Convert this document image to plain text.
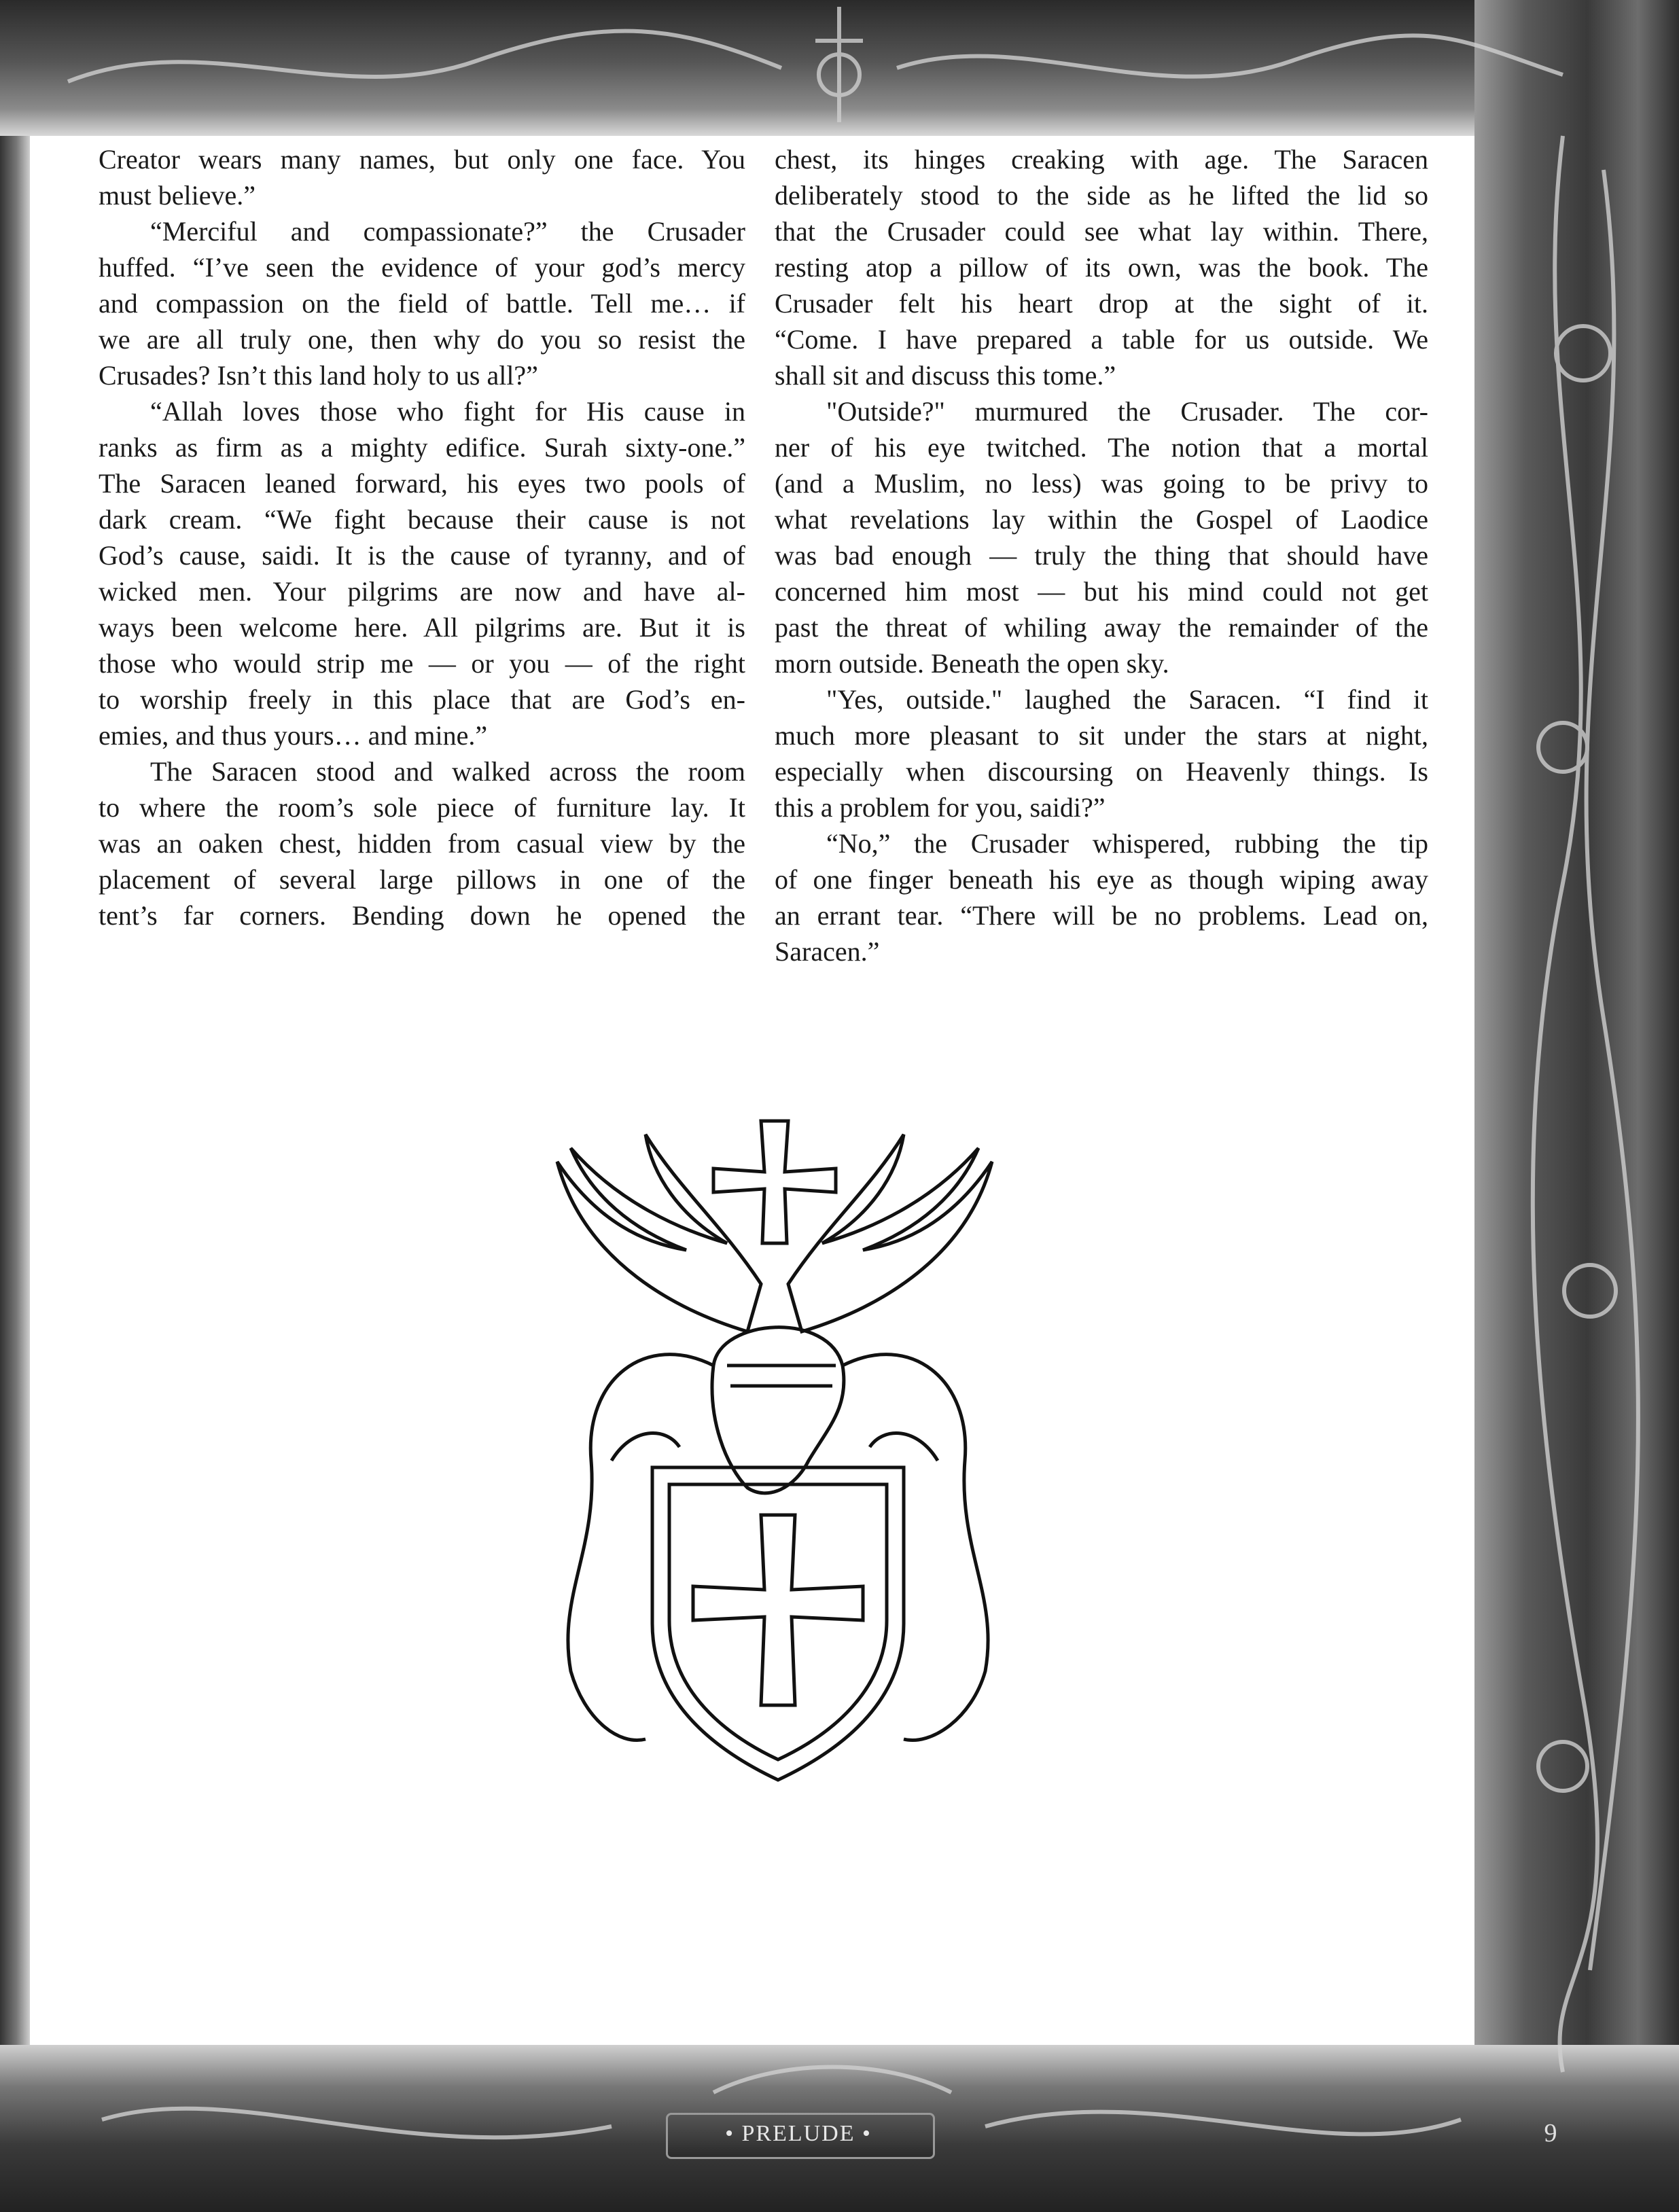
Creator wears many names, but only one face. You
must believe.”
“Merciful and compassionate?” the Crusader
huffed. “I’ve seen the evidence of your god’s mercy
and compassion on the field of battle. Tell me… if
we are all truly one, then why do you so resist the
Crusades? Isn’t this land holy to us all?”
“Allah loves those who fight for His cause in
ranks as firm as a mighty edifice. Surah sixty-one.”
The Saracen leaned forward, his eyes two pools of
dark cream. “We fight because their cause is not
God’s cause, saidi. It is the cause of tyranny, and of
wicked men. Your pilgrims are now and have al-
ways been welcome here. All pilgrims are. But it is
those who would strip me — or you — of the right
to worship freely in this place that are God’s en-
emies, and thus yours… and mine.”
The Saracen stood and walked across the room
to where the room’s sole piece of furniture lay. It
was an oaken chest, hidden from casual view by the
placement of several large pillows in one of the
tent’s far corners. Bending down he opened the
chest, its hinges creaking with age. The Saracen
deliberately stood to the side as he lifted the lid so
that the Crusader could see what lay within. There,
resting atop a pillow of its own, was the book. The
Crusader felt his heart drop at the sight of it.
“Come. I have prepared a table for us outside. We
shall sit and discuss this tome.”
"Outside?" murmured the Crusader. The cor-
ner of his eye twitched. The notion that a mortal
(and a Muslim, no less) was going to be privy to
what revelations lay within the Gospel of Laodice
was bad enough — truly the thing that should have
concerned him most — but his mind could not get
past the threat of whiling away the remainder of the
morn outside. Beneath the open sky.
"Yes, outside." laughed the Saracen. “I find it
much more pleasant to sit under the stars at night,
especially when discoursing on Heavenly things. Is
this a problem for you, saidi?”
“No,” the Crusader whispered, rubbing the tip
of one finger beneath his eye as though wiping away
an errant tear. “There will be no problems. Lead on,
Saracen.”
• PRELUDE •	9
